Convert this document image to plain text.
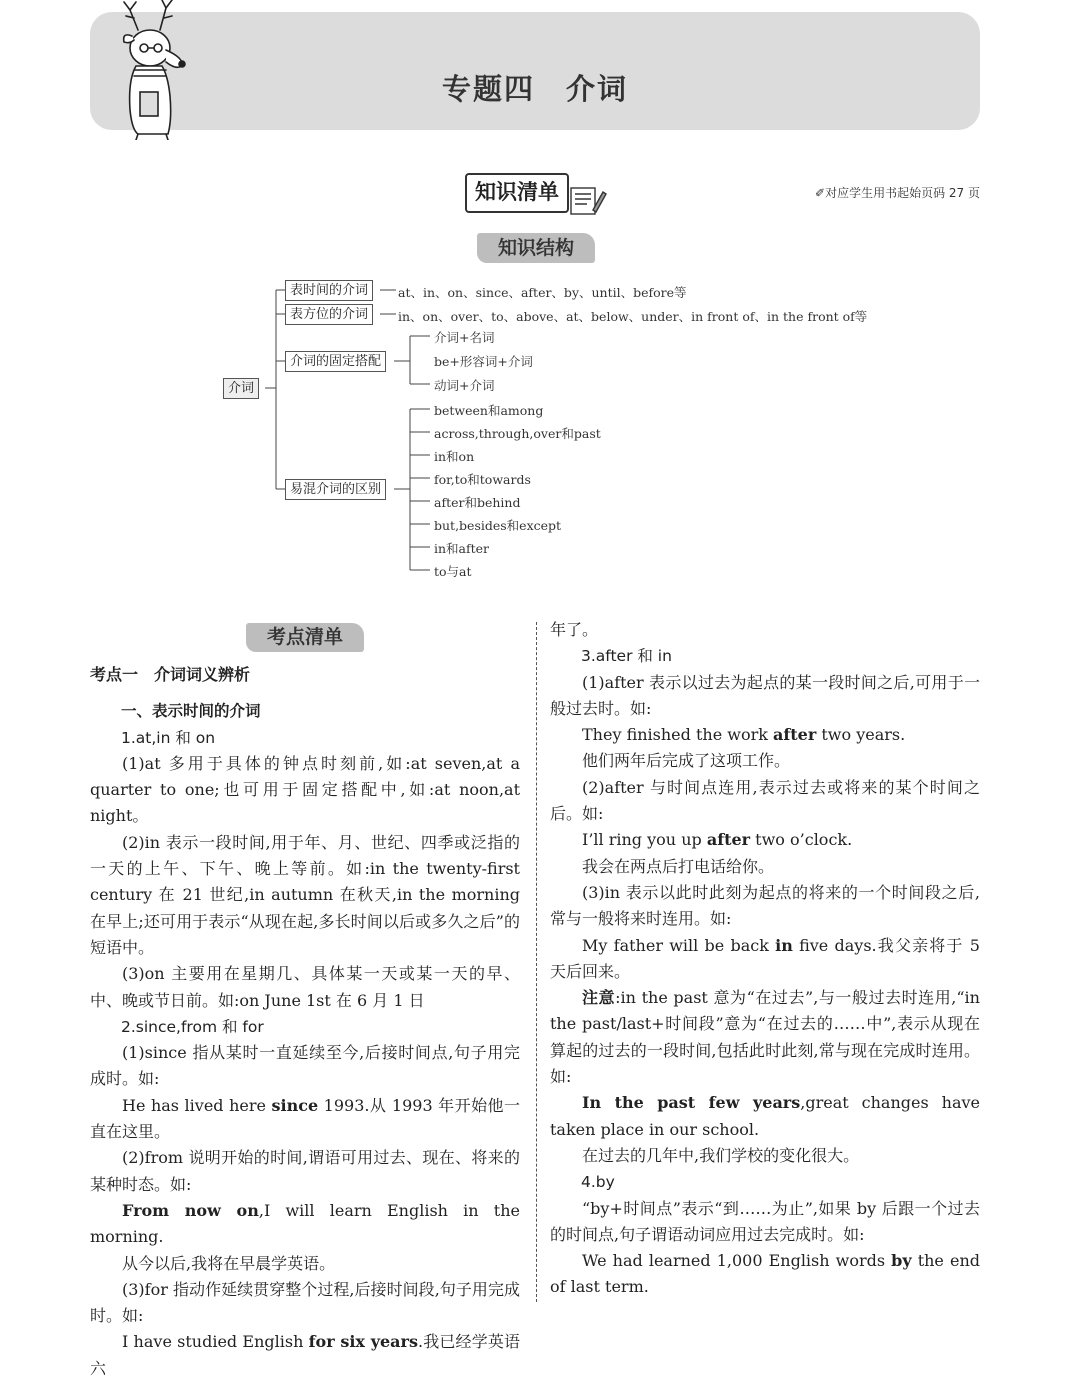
专题四　介词
知识清单	✐对应学生用书起始页码 27 页
知识结构
介词
表时间的介词	at、in、on、since、after、by、until、before等
表方位的介词	in、on、over、to、above、at、below、under、in front of、in the front of等
介词的固定搭配
介词+名词
be+形容词+介词
动词+介词
易混介词的区别
between和among
across,through,over和past
in和on
for,to和towards
after和behind
but,besides和except
in和after
to与at
考点清单

考点一　介词词义辨析

一、表示时间的介词

1.at,in 和 on

(1)at 多用于具体的钟点时刻前,如:at seven,at a quarter to one;也可用于固定搭配中,如:at noon,at night。

(2)in 表示一段时间,用于年、月、世纪、四季或泛指的一天的上午、下午、晚上等前。如:in the twenty-first century 在 21 世纪,in autumn 在秋天,in the morning 在早上;还可用于表示“从现在起,多长时间以后或多久之后”的短语中。

(3)on 主要用在星期几、具体某一天或某一天的早、中、晚或节日前。如:on June 1st 在 6 月 1 日

2.since,from 和 for

(1)since 指从某时一直延续至今,后接时间点,句子用完成时。如:

He has lived here since 1993.从 1993 年开始他一直在这里。

(2)from 说明开始的时间,谓语可用过去、现在、将来的某种时态。如:

From now on,I will learn English in the morning.

从今以后,我将在早晨学英语。

(3)for 指动作延续贯穿整个过程,后接时间段,句子用完成时。如:

I have studied English for six years.我已经学英语六

年了。

3.after 和 in

(1)after 表示以过去为起点的某一段时间之后,可用于一般过去时。如:

They finished the work after two years.

他们两年后完成了这项工作。

(2)after 与时间点连用,表示过去或将来的某个时间之后。如:

I’ll ring you up after two o’clock.

我会在两点后打电话给你。

(3)in 表示以此时此刻为起点的将来的一个时间段之后,常与一般将来时连用。如:

My father will be back in five days.我父亲将于 5 天后回来。

注意:in the past 意为“在过去”,与一般过去时连用,“in the past/last+时间段”意为“在过去的……中”,表示从现在算起的过去的一段时间,包括此时此刻,常与现在完成时连用。如:

In the past few years,great changes have taken place in our school.

在过去的几年中,我们学校的变化很大。

4.by

“by+时间点”表示“到……为止”,如果 by 后跟一个过去的时间点,句子谓语动词应用过去完成时。如:

We had learned 1,000 English words by the end of last term.
